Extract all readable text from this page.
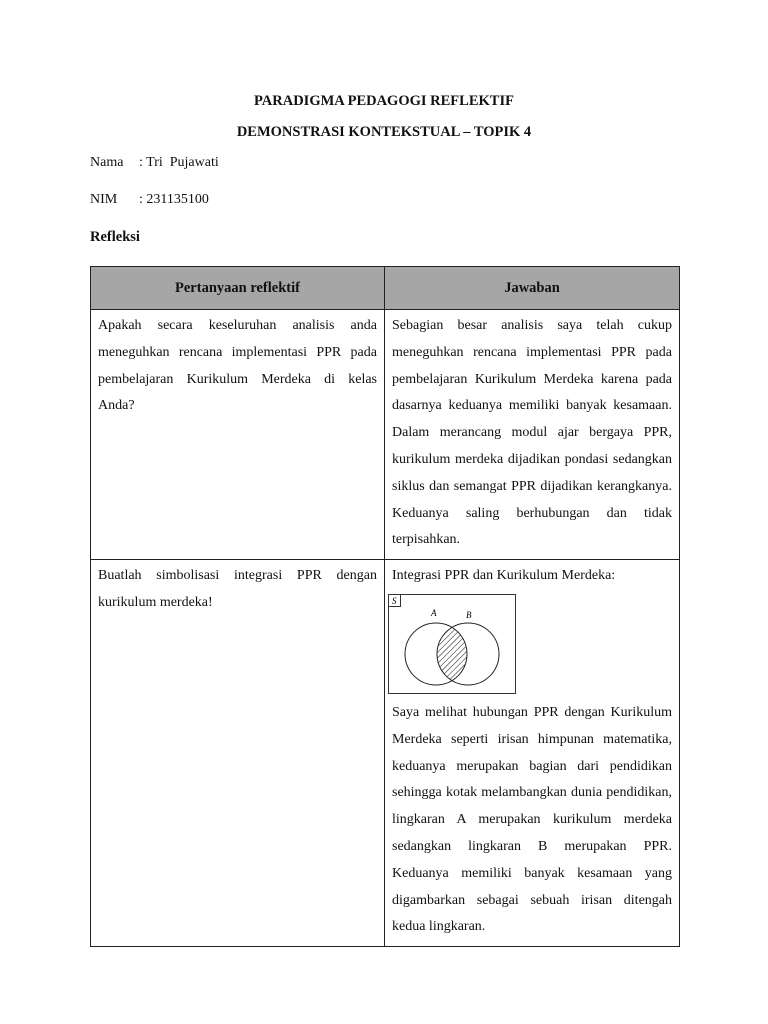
PARADIGMA PEDAGOGI REFLEKTIF
DEMONSTRASI KONTEKSTUAL – TOPIK 4
Nama : Tri  Pujawati
NIM : 231135100
Refleksi
Pertanyaan reflektif	Jawaban

Apakah secara keseluruhan analisis anda meneguhkan rencana implementasi PPR pada pembelajaran Kurikulum Merdeka di kelas Anda?	Sebagian besar analisis saya telah cukup meneguhkan rencana implementasi PPR pada pembelajaran Kurikulum Merdeka karena pada dasarnya keduanya memiliki banyak kesamaan. Dalam merancang modul ajar bergaya PPR, kurikulum merdeka dijadikan pondasi sedangkan siklus dan semangat PPR dijadikan kerangkanya. Keduanya saling berhubungan dan tidak terpisahkan.

Buatlah simbolisasi integrasi PPR dengan kurikulum merdeka!	Integrasi PPR dan Kurikulum Merdeka:
S
A B
Saya melihat hubungan PPR dengan Kurikulum Merdeka seperti irisan himpunan matematika, keduanya merupakan bagian dari pendidikan sehingga kotak melambangkan dunia pendidikan, lingkaran A merupakan kurikulum merdeka sedangkan lingkaran B merupakan PPR. Keduanya memiliki banyak kesamaan yang digambarkan sebagai sebuah irisan ditengah kedua lingkaran.
